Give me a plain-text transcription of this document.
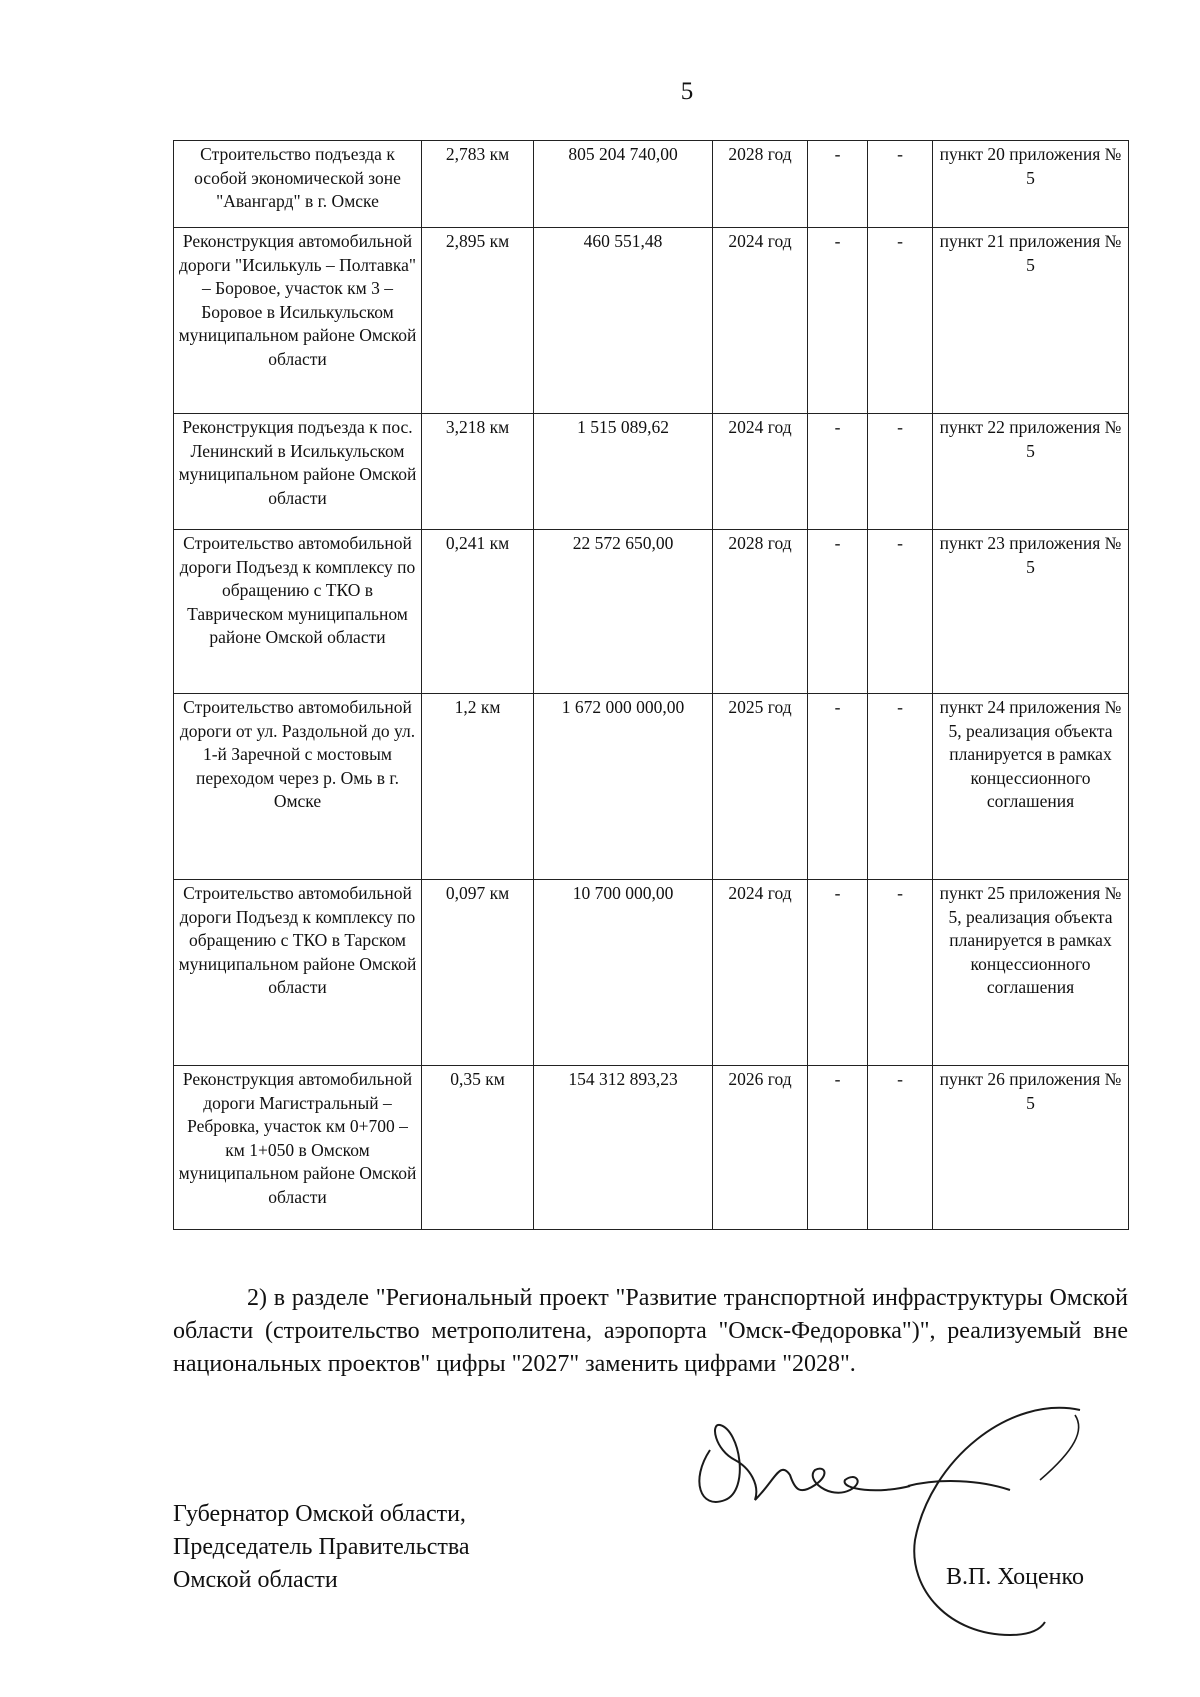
5
Строительство подъезда к особой экономической зоне "Авангард" в г. Омске	2,783 км	805 204 740,00	2028 год	-	-	пункт 20 приложения № 5
Реконструкция автомобильной дороги "Исилькуль – Полтавка" – Боровое, участок км 3 – Боровое в Исилькульском муниципальном районе Омской области	2,895 км	460 551,48	2024 год	-	-	пункт 21 приложения № 5
Реконструкция подъезда к пос. Ленинский в Исилькульском муниципальном районе Омской области	3,218 км	1 515 089,62	2024 год	-	-	пункт 22 приложения № 5
Строительство автомобильной дороги Подъезд к комплексу по обращению с ТКО в Таврическом муниципальном районе Омской области	0,241 км	22 572 650,00	2028 год	-	-	пункт 23 приложения № 5
Строительство автомобильной дороги от ул. Раздольной до ул. 1-й Заречной с мостовым переходом через р. Омь в г. Омске	1,2 км	1 672 000 000,00	2025 год	-	-	пункт 24 приложения № 5, реализация объекта планируется в рамках концессионного соглашения
Строительство автомобильной дороги Подъезд к комплексу по обращению с ТКО в Тарском муниципальном районе Омской области	0,097 км	10 700 000,00	2024 год	-	-	пункт 25 приложения № 5, реализация объекта планируется в рамках концессионного соглашения
Реконструкция автомобильной дороги Магистральный – Ребровка, участок км 0+700 – км 1+050 в Омском муниципальном районе Омской области	0,35 км	154 312 893,23	2026 год	-	-	пункт 26 приложения № 5

2) в разделе "Региональный проект "Развитие транспортной инфраструктуры Омской области (строительство метрополитена, аэропорта "Омск-Федоровка")", реализуемый вне национальных проектов" цифры "2027" заменить цифрами "2028".

Губернатор Омской области,
Председатель Правительства
Омской области	В.П. Хоценко
